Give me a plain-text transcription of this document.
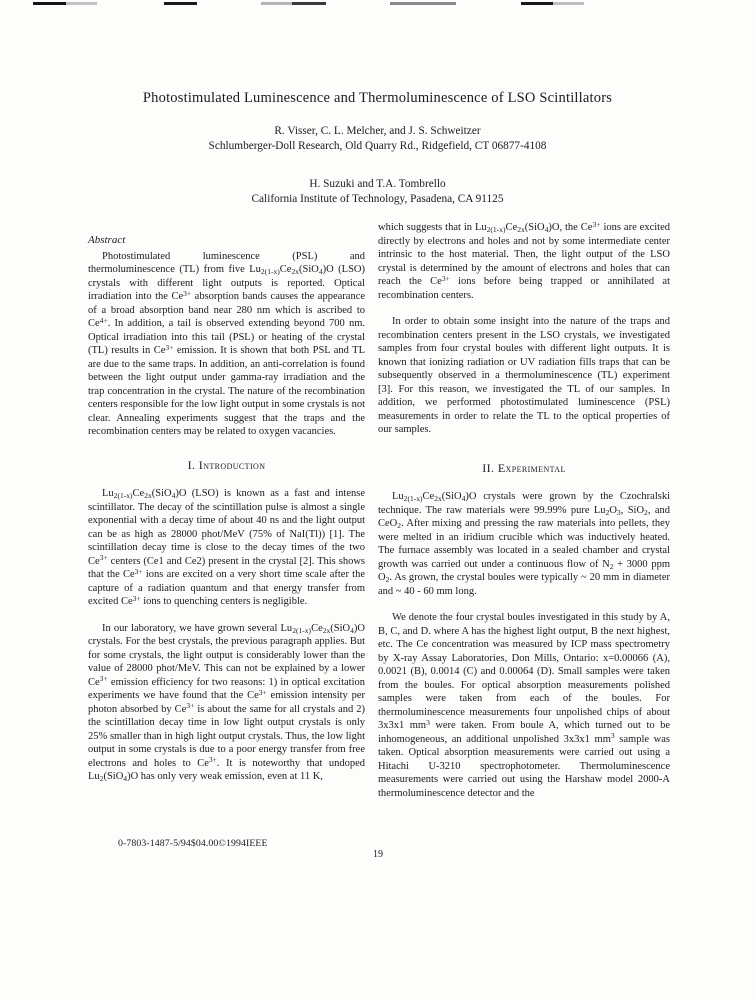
Photostimulated Luminescence and Thermoluminescence of LSO Scintillators

R. Visser, C. L. Melcher, and J. S. Schweitzer

Schlumberger-Doll Research, Old Quarry Rd., Ridgefield, CT 06877-4108

H. Suzuki and T.A. Tombrello

California Institute of Technology, Pasadena, CA 91125

Abstract

Photostimulated luminescence (PSL) and thermoluminescence (TL) from five $Lu_{2(1-x)}Ce_{2x}(SiO_4)O$ (LSO) crystals with different light outputs is reported. Optical irradiation into the $Ce^{3+}$ absorption bands causes the appearance of a broad absorption band near 280 nm which is ascribed to $Ce^{4+}$. In addition, a tail is observed extending beyond 700 nm. Optical irradiation into this tail (PSL) or heating of the crystal (TL) results in $Ce^{3+}$ emission. It is shown that both PSL and TL are due to the same traps. In addition, an anti-correlation is found between the light output under gamma-ray irradiation and the trap concentration in the crystal. The nature of the recombination centers responsible for the low light output in some crystals is not clear. Annealing experiments suggest that the traps and the recombination centers may be related to oxygen vacancies.

I. Introduction

$Lu_{2(1-x)}Ce_{2x}(SiO_4)O$ (LSO) is known as a fast and intense scintillator. The decay of the scintillation pulse is almost a single exponential with a decay time of about 40 ns and the light output can be as high as 28000 phot/MeV (75% of NaI(Tl)) [1]. The scintillation decay time is close to the decay times of the two $Ce^{3+}$ centers (Ce1 and Ce2) present in the crystal [2]. This shows that the $Ce^{3+}$ ions are excited on a very short time scale after the capture of a radiation quantum and that energy transfer from excited $Ce^{3+}$ ions to quenching centers is negligible.

In our laboratory, we have grown several $Lu_{2(1-x)}Ce_{2x}(SiO_4)O$ crystals. For the best crystals, the previous paragraph applies. But for some crystals, the light output is considerably lower than the value of 28000 phot/MeV. This can not be explained by a lower $Ce^{3+}$ emission efficiency for two reasons: 1) in optical excitation experiments we have found that the $Ce^{3+}$ emission intensity per photon absorbed by $Ce^{3+}$ is about the same for all crystals and 2) the scintillation decay time in low light output crystals is only 25% smaller than in high light output crystals. Thus, the low light output in some crystals is due to a poor energy transfer from free electrons and holes to $Ce^{3+}$. It is noteworthy that undoped $Lu_2(SiO_4)O$ has only very weak emission, even at 11 K,

which suggests that in $Lu_{2(1-x)}Ce_{2x}(SiO_4)O$, the $Ce^{3+}$ ions are excited directly by electrons and holes and not by some intermediate center intrinsic to the host material. Then, the light output of the LSO crystal is determined by the amount of electrons and holes that can reach the $Ce^{3+}$ ions before being trapped or annihilated at recombination centers.

In order to obtain some insight into the nature of the traps and recombination centers present in the LSO crystals, we investigated samples from four crystal boules with different light outputs. It is known that ionizing radiation or UV radiation fills traps that can be subsequently observed in a thermoluminescence (TL) experiment [3]. For this reason, we investigated the TL of our samples. In addition, we performed photostimulated luminescence (PSL) measurements in order to relate the TL to the optical properties of our samples.

II. Experimental

$Lu_{2(1-x)}Ce_{2x}(SiO_4)O$ crystals were grown by the Czochralski technique. The raw materials were 99.99% pure $Lu_2O_3$, SiO$_2$, and CeO$_2$. After mixing and pressing the raw materials into pellets, they were melted in an iridium crucible which was inductively heated. The furnace assembly was located in a sealed chamber and crystal growth was carried out under a continuous flow of $N_2 + 3000$ ppm $O_2$. As grown, the crystal boules were typically ~ 20 mm in diameter and ~ 40 - 60 mm long.

We denote the four crystal boules investigated in this study by A, B, C, and D. where A has the highest light output, B the next highest, etc. The Ce concentration was measured by ICP mass spectrometry by X-ray Assay Laboratories, Don Mills, Ontario: x=0.00066 (A), 0.0021 (B), 0.0014 (C) and 0.00064 (D). Small samples were taken from the boules. For optical absorption measurements polished samples were taken from each of the boules. For thermoluminescence measurements four unpolished chips of about 3x3x1 $mm^3$ were taken. From boule A, which turned out to be inhomogeneous, an additional unpolished 3x3x1 $mm^3$ sample was taken. Optical absorption measurements were carried out using a Hitachi U-3210 spectrophotometer. Thermoluminescence measurements were carried out using the Harshaw model 2000-A thermoluminescence detector and the

0-7803-1487-5/94$04.00©1994IEEE
19
